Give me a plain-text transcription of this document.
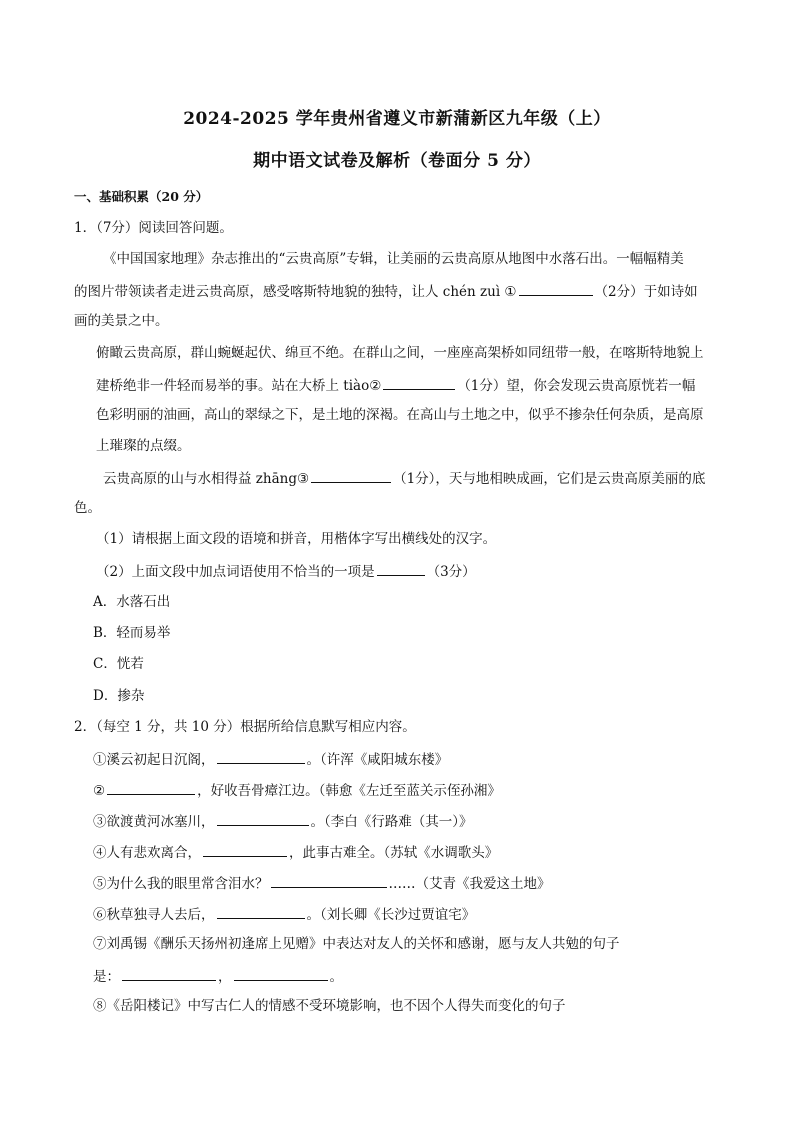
2024-2025 学年贵州省遵义市新蒲新区九年级（上）
期中语文试卷及解析（卷面分 5 分）
一、基础积累（20 分）
1．（7分）阅读回答问题。
《中国国家地理》杂志推出的“云贵高原”专辑，让美丽的云贵高原从地图中水落石出。一幅幅精美
的图片带领读者走进云贵高原，感受喀斯特地貌的独特，让人 chén zuì ①	（2分）于如诗如
画的美景之中。
俯瞰云贵高原，群山蜿蜒起伏、绵亘不绝。在群山之间，一座座高架桥如同纽带一般，在喀斯特地貌上
建桥绝非一件轻而易举的事。站在大桥上 tiào②	（1分）望，你会发现云贵高原恍若一幅
色彩明丽的油画，高山的翠绿之下，是土地的深褐。在高山与土地之中，似乎不掺杂任何杂质，是高原
上璀璨的点缀。
云贵高原的山与水相得益 zhāng③	（1分），天与地相映成画，它们是云贵高原美丽的底
色。
（1）请根据上面文段的语境和拼音，用楷体字写出横线处的汉字。
（2）上面文段中加点词语使用不恰当的一项是	（3分）
A．水落石出
B．轻而易举
C．恍若
D．掺杂
2．（每空 1 分，共 10 分）根据所给信息默写相应内容。
①溪云初起日沉阁，	。（许浑《咸阳城东楼》
②	，好收吾骨瘴江边。（韩愈《左迁至蓝关示侄孙湘》
③欲渡黄河冰塞川，	。（李白《行路难（其一）》
④人有悲欢离合，	，此事古难全。（苏轼《水调歌头》
⑤为什么我的眼里常含泪水？	……（艾青《我爱这土地》
⑥秋草独寻人去后，	。（刘长卿《长沙过贾谊宅》
⑦刘禹锡《酬乐天扬州初逢席上见赠》中表达对友人的关怀和感谢，愿与友人共勉的句子
是：	，	。
⑧《岳阳楼记》中写古仁人的情感不受环境影响，也不因个人得失而变化的句子
